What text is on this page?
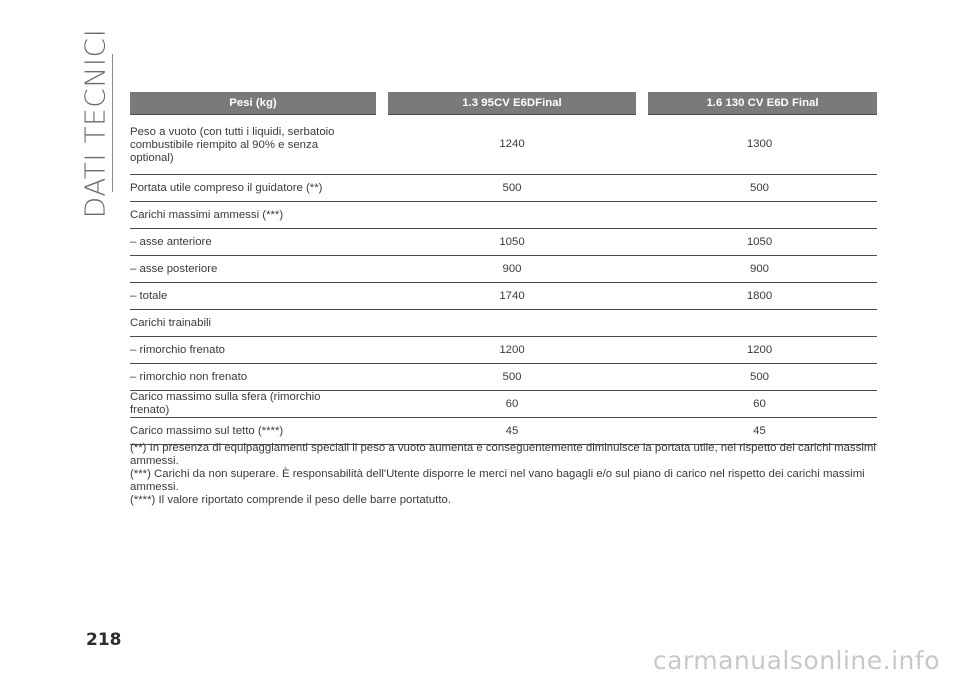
DATI TECNICI	Pesi (kg)	1.3 95CV E6DFinal	1.6 130 CV E6D Final
Peso a vuoto (con tutti i liquidi, serbatoio combustibile riempito al 90% e senza optional)	1240	1300
Portata utile compreso il guidatore (**)	500	500
Carichi massimi ammessi (***)		
– asse anteriore	1050	1050
– asse posteriore	900	900
– totale	1740	1800
Carichi trainabili		
– rimorchio frenato	1200	1200
– rimorchio non frenato	500	500
Carico massimo sulla sfera (rimorchio frenato)	60	60
Carico massimo sul tetto (****)	45	45

(**) In presenza di equipaggiamenti speciali il peso a vuoto aumenta e conseguentemente diminuisce la portata utile, nel rispetto dei carichi massimi ammessi.

(***) Carichi da non superare. È responsabilità dell'Utente disporre le merci nel vano bagagli e/o sul piano di carico nel rispetto dei carichi massimi ammessi.

(****) Il valore riportato comprende il peso delle barre portatutto.

218
carmanualsonline.info
